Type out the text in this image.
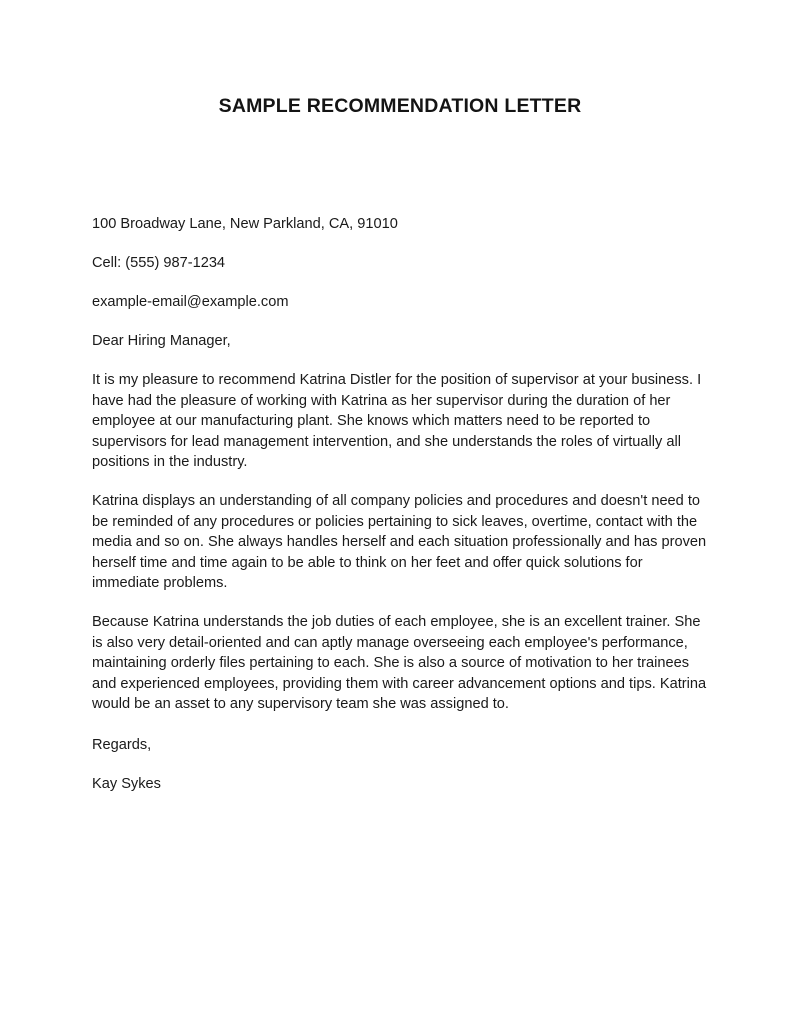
SAMPLE RECOMMENDATION LETTER

100 Broadway Lane, New Parkland, CA, 91010

Cell: (555) 987-1234

example-email@example.com

Dear Hiring Manager,

It is my pleasure to recommend Katrina Distler for the position of supervisor at your business. I have had the pleasure of working with Katrina as her supervisor during the duration of her employee at our manufacturing plant. She knows which matters need to be reported to supervisors for lead management intervention, and she understands the roles of virtually all positions in the industry.

Katrina displays an understanding of all company policies and procedures and doesn't need to be reminded of any procedures or policies pertaining to sick leaves, overtime, contact with the media and so on. She always handles herself and each situation professionally and has proven herself time and time again to be able to think on her feet and offer quick solutions for immediate problems.

Because Katrina understands the job duties of each employee, she is an excellent trainer. She is also very detail-oriented and can aptly manage overseeing each employee's performance, maintaining orderly files pertaining to each. She is also a source of motivation to her trainees and experienced employees, providing them with career advancement options and tips. Katrina would be an asset to any supervisory team she was assigned to.

Regards,

Kay Sykes
